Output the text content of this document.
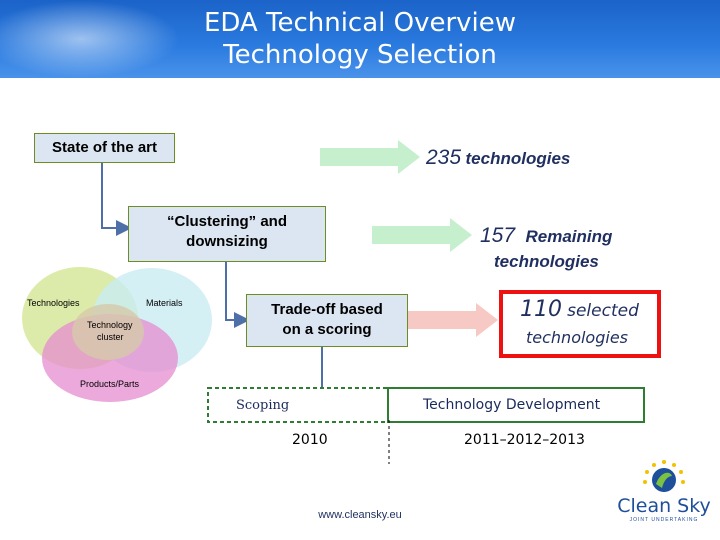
EDA Technical Overview
Technology Selection
State of the art
“Clustering” and
downsizing
Trade-off based
on a scoring
235 technologies
157 Remaining
technologies
110 selected
technologies
Technologies	Materials
Technology
cluster
Products/Parts
Scoping	Technology Development
2010	2011–2012–2013
www.cleansky.eu	Clean Sky
JOINT UNDERTAKING
